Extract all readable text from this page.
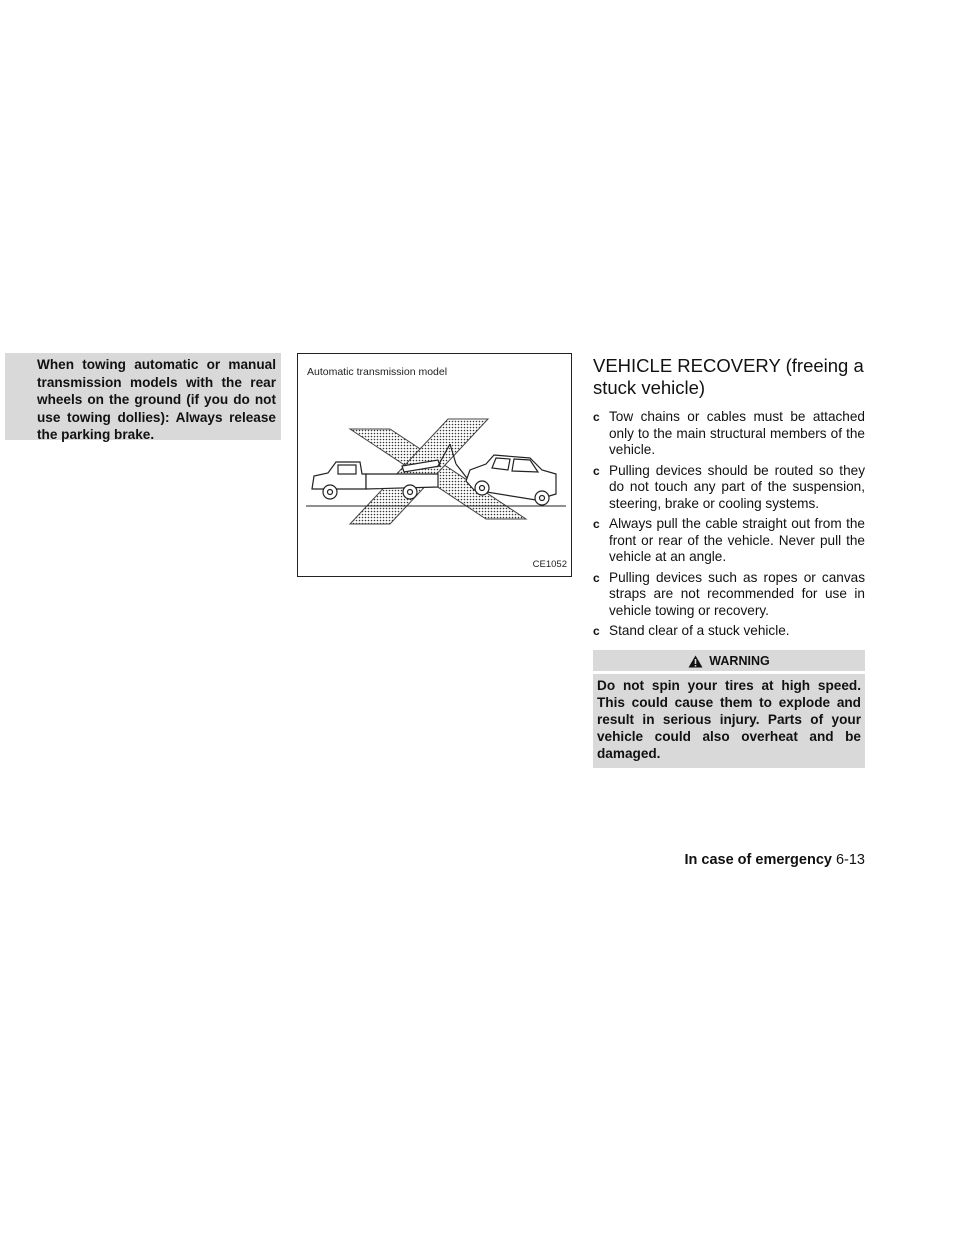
When towing automatic or manual transmission models with the rear wheels on the ground (if you do not use towing dollies): Always release the parking brake.
Automatic transmission model
CE1052
VEHICLE RECOVERY (freeing a stuck vehicle)
c Tow chains or cables must be attached only to the main structural members of the vehicle.
c Pulling devices should be routed so they do not touch any part of the suspension, steering, brake or cooling systems.
c Always pull the cable straight out from the front or rear of the vehicle. Never pull the vehicle at an angle.
c Pulling devices such as ropes or canvas straps are not recommended for use in vehicle towing or recovery.
c Stand clear of a stuck vehicle.
WARNING
Do not spin your tires at high speed. This could cause them to explode and result in serious injury. Parts of your vehicle could also overheat and be damaged.
In case of emergency 6-13
